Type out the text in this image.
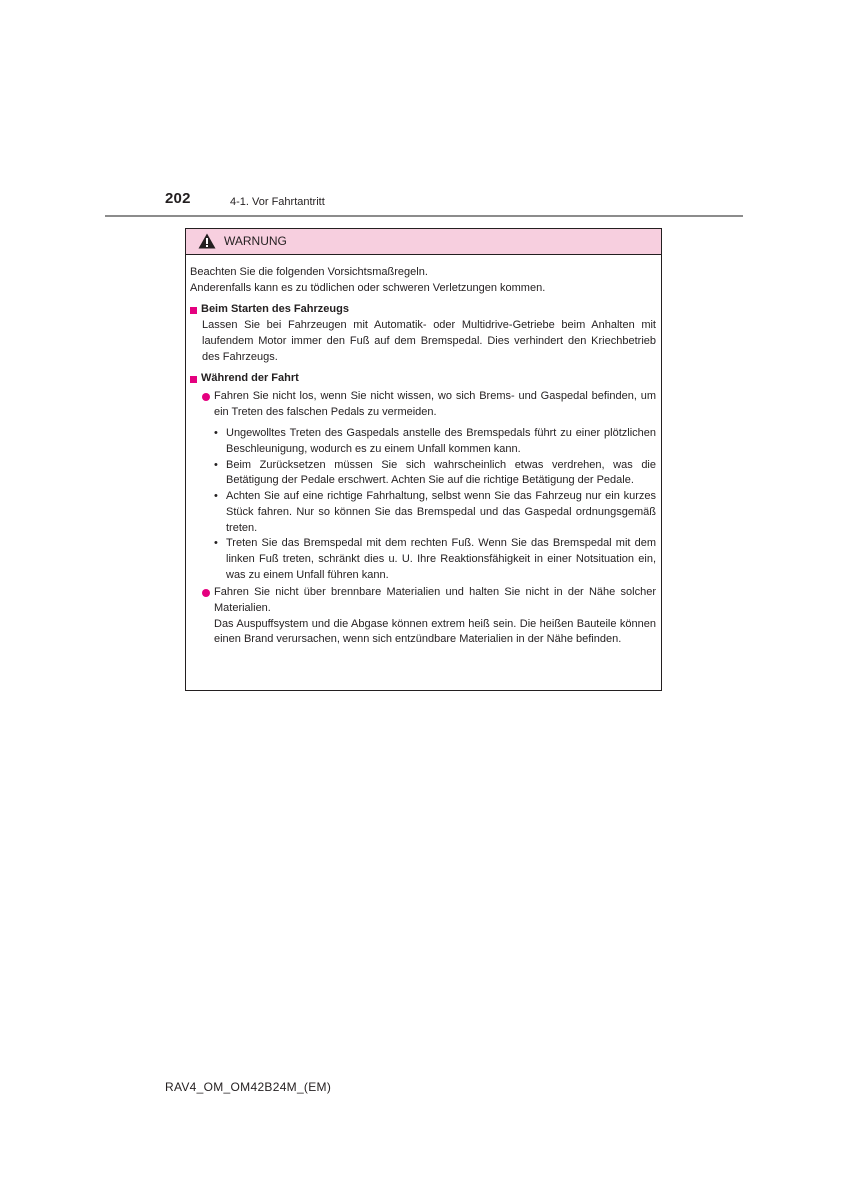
202	4-1. Vor Fahrtantritt
WARNUNG

Beachten Sie die folgenden Vorsichtsmaßregeln.

Anderenfalls kann es zu tödlichen oder schweren Verletzungen kommen.

Beim Starten des Fahrzeugs

Lassen Sie bei Fahrzeugen mit Automatik- oder Multidrive-Getriebe beim Anhalten mit laufendem Motor immer den Fuß auf dem Bremspedal. Dies verhindert den Kriechbetrieb des Fahrzeugs.

Während der Fahrt
Fahren Sie nicht los, wenn Sie nicht wissen, wo sich Brems- und Gaspedal befinden, um ein Treten des falschen Pedals zu vermeiden.
• Ungewolltes Treten des Gaspedals anstelle des Bremspedals führt zu einer plötzlichen Beschleunigung, wodurch es zu einem Unfall kommen kann.
• Beim Zurücksetzen müssen Sie sich wahrscheinlich etwas verdrehen, was die Betätigung der Pedale erschwert. Achten Sie auf die richtige Betätigung der Pedale.
• Achten Sie auf eine richtige Fahrhaltung, selbst wenn Sie das Fahrzeug nur ein kurzes Stück fahren. Nur so können Sie das Bremspedal und das Gaspedal ordnungsgemäß treten.
• Treten Sie das Bremspedal mit dem rechten Fuß. Wenn Sie das Bremspedal mit dem linken Fuß treten, schränkt dies u. U. Ihre Reaktionsfähigkeit in einer Notsituation ein, was zu einem Unfall führen kann.
Fahren Sie nicht über brennbare Materialien und halten Sie nicht in der Nähe solcher Materialien.

Das Auspuffsystem und die Abgase können extrem heiß sein. Die heißen Bauteile können einen Brand verursachen, wenn sich entzündbare Materialien in der Nähe befinden.

RAV4_OM_OM42B24M_(EM)
